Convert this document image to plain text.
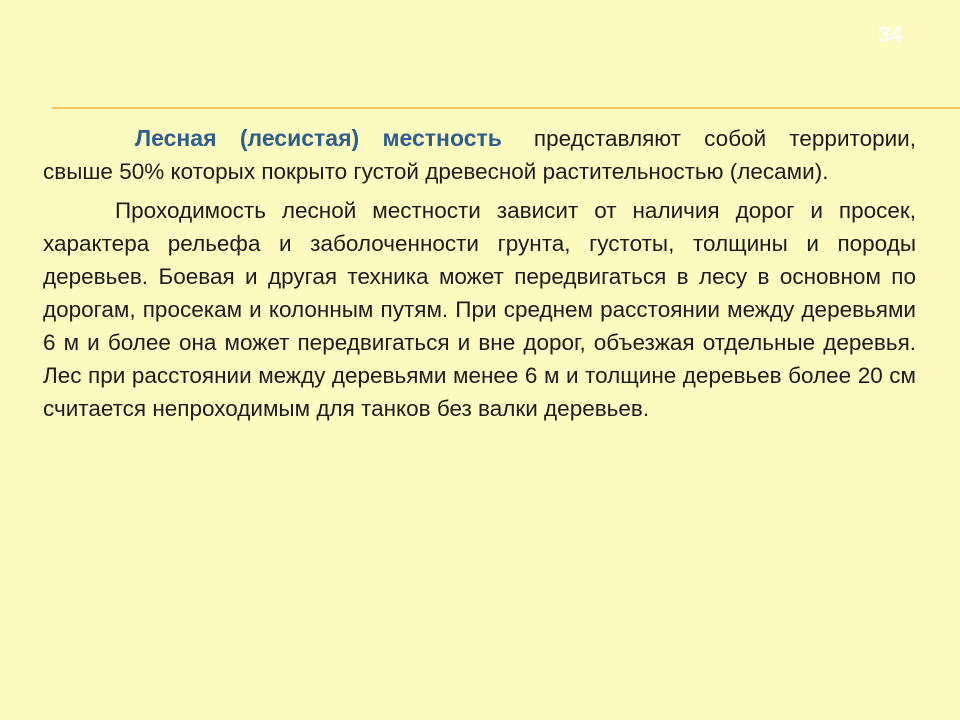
34

Лесная (лесистая) местность представляют собой территории, свыше 50% которых покрыто густой древесной растительностью (лесами).

Проходимость лесной местности зависит от наличия дорог и просек, характера рельефа и заболоченности грунта, густоты, толщины и породы деревьев. Боевая и другая техника может передвигаться в лесу в основном по дорогам, просекам и колонным путям. При среднем расстоянии между деревьями 6 м и более она может передвигаться и вне дорог, объезжая отдельные деревья. Лес при расстоянии между деревьями менее 6 м и толщине деревьев более 20 см считается непроходимым для танков без валки деревьев.
